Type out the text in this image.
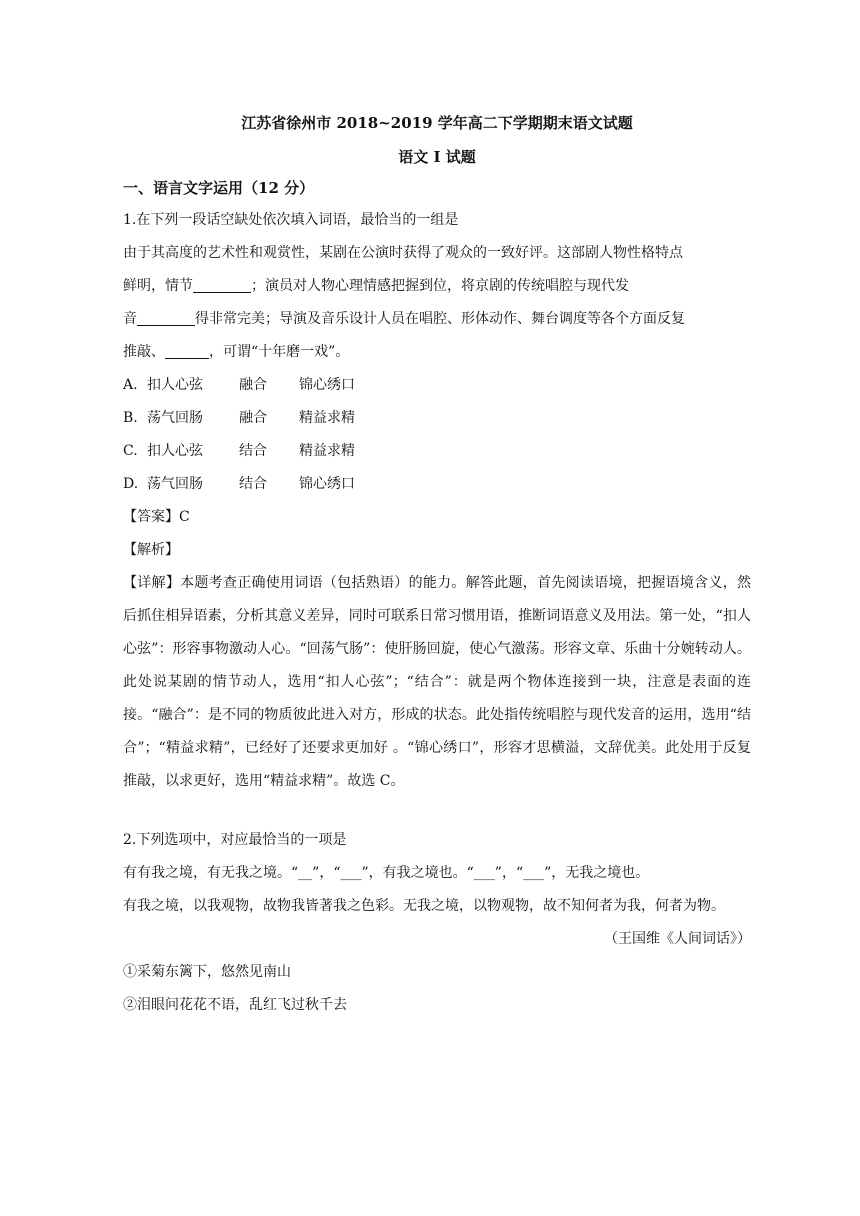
江苏省徐州市 2018~2019 学年高二下学期期末语文试题

语文 Ⅰ 试题

一、语言文字运用（12 分）

1.在下列一段话空缺处依次填入词语，最恰当的一组是

由于其高度的艺术性和观赏性，某剧在公演时获得了观众的一致好评。这部剧人物性格特点

鲜明，情节	；演员对人物心理情感把握到位，将京剧的传统唱腔与现代发

音	得非常完美；导演及音乐设计人员在唱腔、形体动作、舞台调度等各个方面反复

推敲、	，可谓“十年磨一戏”。

A. 扣人心弦	融合 锦心绣口

B. 荡气回肠	融合 精益求精

C. 扣人心弦	结合 精益求精

D. 荡气回肠	结合 锦心绣口

【答案】C

【解析】

【详解】本题考查正确使用词语（包括熟语）的能力。解答此题，首先阅读语境，把握语境含义，然后抓住相异语素，分析其意义差异，同时可联系日常习惯用语，推断词语意义及用法。第一处，“扣人心弦”：形容事物激动人心。“回荡气肠”：使肝肠回旋，使心气激荡。形容文章、乐曲十分婉转动人。此处说某剧的情节动人，选用“扣人心弦”；“结合”：就是两个物体连接到一块，注意是表面的连接。“融合”：是不同的物质彼此进入对方，形成的状态。此处指传统唱腔与现代发音的运用，选用“结合”；“精益求精”，已经好了还要求更加好 。“锦心绣口”，形容才思横溢，文辞优美。此处用于反复推敲，以求更好，选用“精益求精”。故选 C。

2.下列选项中，对应最恰当的一项是

有有我之境，有无我之境。“__”，“___”，有我之境也。“___”，“___”，无我之境也。

有我之境，以我观物，故物我皆著我之色彩。无我之境，以物观物，故不知何者为我，何者为物。

（王国维《人间词话》）

①采菊东篱下，悠然见南山

②泪眼问花花不语，乱红飞过秋千去
